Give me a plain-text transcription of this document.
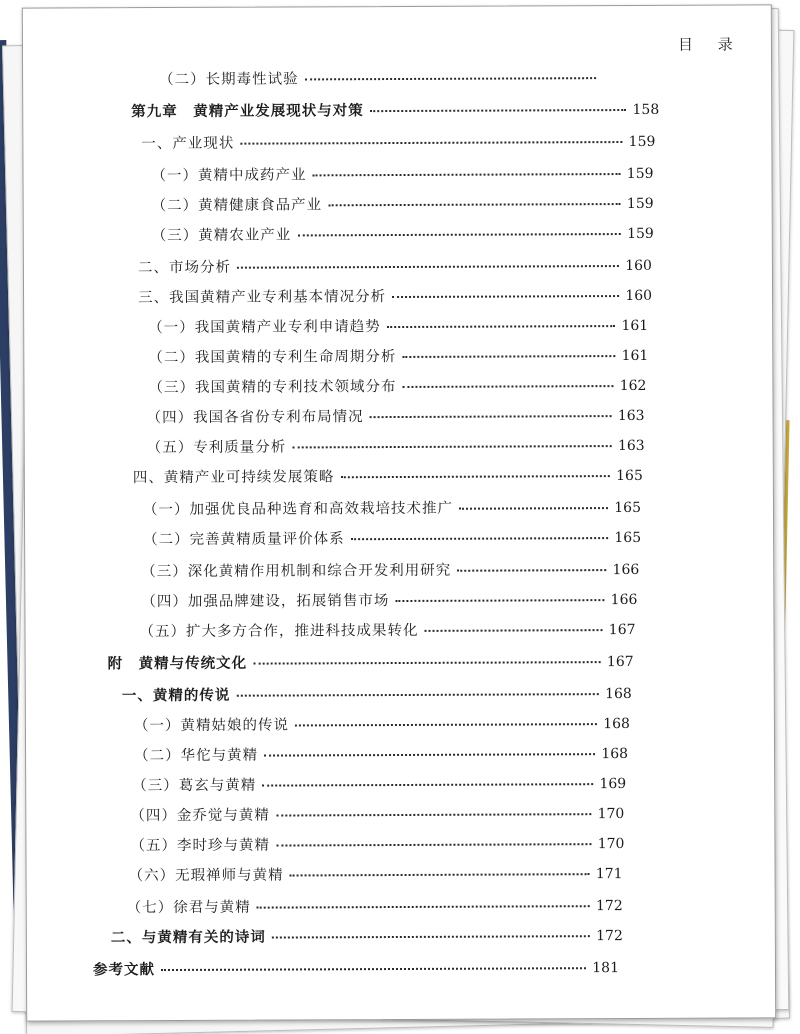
目 录
（二）长期毒性试验
第九章　黄精产业发展现状与对策	158
一、产业现状	159
（一）黄精中成药产业	159
（二）黄精健康食品产业	159
（三）黄精农业产业	159
二、市场分析	160
三、我国黄精产业专利基本情况分析	160
（一）我国黄精产业专利申请趋势	161
（二）我国黄精的专利生命周期分析	161
（三）我国黄精的专利技术领域分布	162
（四）我国各省份专利布局情况	163
（五）专利质量分析	163
四、黄精产业可持续发展策略	165
（一）加强优良品种选育和高效栽培技术推广	165
（二）完善黄精质量评价体系	165
（三）深化黄精作用机制和综合开发利用研究	166
（四）加强品牌建设，拓展销售市场	166
（五）扩大多方合作，推进科技成果转化	167
附　黄精与传统文化	167
一、黄精的传说	168
（一）黄精姑娘的传说	168
（二）华佗与黄精	168
（三）葛玄与黄精	169
（四）金乔觉与黄精	170
（五）李时珍与黄精	170
（六）无瑕禅师与黄精	171
（七）徐君与黄精	172
二、与黄精有关的诗词	172
参考文献	181
